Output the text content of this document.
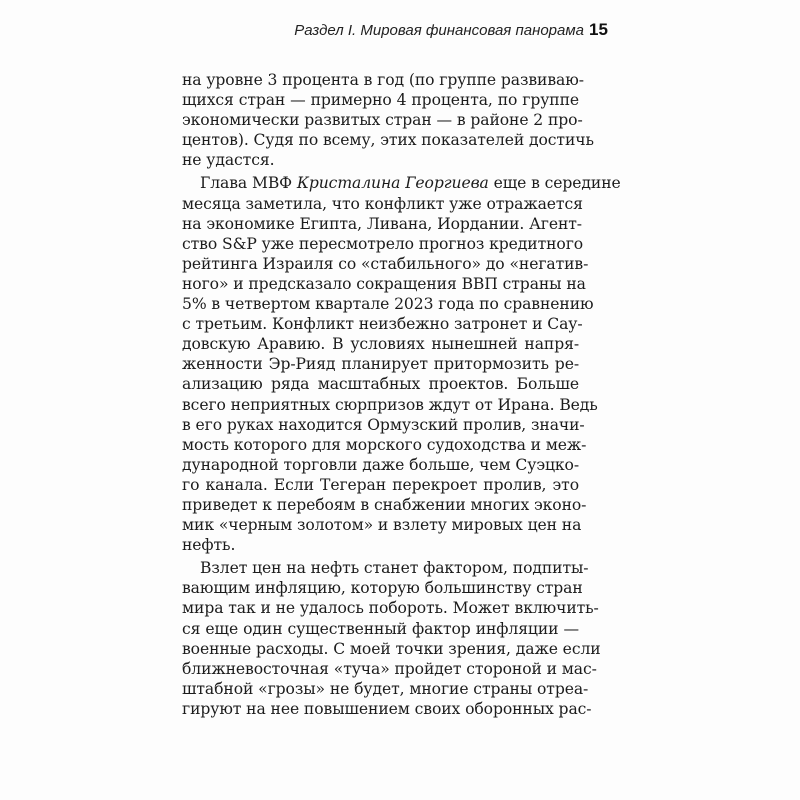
Раздел I. Мировая финансовая панорама 15
на уровне 3 процента в год (по группе развиваю-
щихся стран — примерно 4 процента, по группе
экономически развитых стран — в районе 2 про-
центов). Судя по всему, этих показателей достичь
не удастся.
Глава МВФ Кристалина Георгиева еще в середине
месяца заметила, что конфликт уже отражается
на экономике Египта, Ливана, Иордании. Агент-
ство S&P уже пересмотрело прогноз кредитного
рейтинга Израиля со «стабильного» до «негатив-
ного» и предсказало сокращения ВВП страны на
5% в четвертом квартале 2023 года по сравнению
с третьим. Конфликт неизбежно затронет и Сау-
довскую Аравию. В условиях нынешней напря-
женности Эр-Рияд планирует притормозить ре-
ализацию ряда масштабных проектов. Больше
всего неприятных сюрпризов ждут от Ирана. Ведь
в его руках находится Ормузский пролив, значи-
мость которого для морского судоходства и меж-
дународной торговли даже больше, чем Суэцко-
го канала. Если Тегеран перекроет пролив, это
приведет к перебоям в снабжении многих эконо-
мик «черным золотом» и взлету мировых цен на
нефть.
Взлет цен на нефть станет фактором, подпиты-
вающим инфляцию, которую большинству стран
мира так и не удалось побороть. Может включить-
ся еще один существенный фактор инфляции —
военные расходы. С моей точки зрения, даже если
ближневосточная «туча» пройдет стороной и мас-
штабной «грозы» не будет, многие страны отреа-
гируют на нее повышением своих оборонных рас-
